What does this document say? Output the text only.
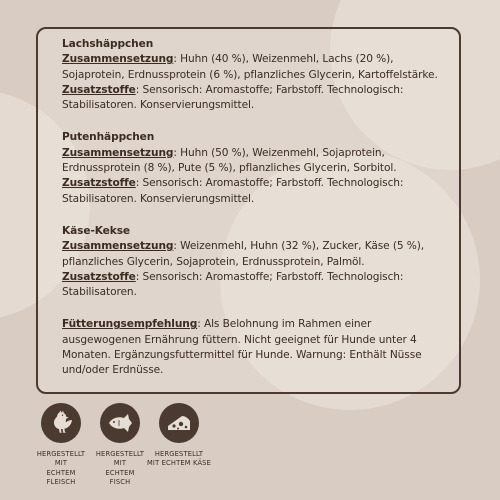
Lachshäppchen
Zusammensetzung: Huhn (40 %), Weizenmehl, Lachs (20 %), Sojaprotein, Erdnussprotein (6 %), pflanzliches Glycerin, Kartoffelstärke.
Zusatzstoffe: Sensorisch: Aromastoffe; Farbstoff. Technologisch: Stabilisatoren. Konservierungsmittel.
Putenhäppchen
Zusammensetzung: Huhn (50 %), Weizenmehl, Sojaprotein, Erdnussprotein (8 %), Pute (5 %), pflanzliches Glycerin, Sorbitol.
Zusatzstoffe: Sensorisch: Aromastoffe; Farbstoff. Technologisch: Stabilisatoren. Konservierungsmittel.
Käse-Kekse
Zusammensetzung: Weizenmehl, Huhn (32 %), Zucker, Käse (5 %), pflanzliches Glycerin, Sojaprotein, Erdnussprotein, Palmöl.
Zusatzstoffe: Sensorisch: Aromastoffe; Farbstoff. Technologisch: Stabilisatoren.
Fütterungsempfehlung: Als Belohnung im Rahmen einer ausgewogenen Ernährung füttern. Nicht geeignet für Hunde unter 4 Monaten. Ergänzungsfuttermittel für Hunde. Warnung: Enthält Nüsse und/oder Erdnüsse.
HERGESTELLT
MIT
ECHTEM
FLEISCH
HERGESTELLT
MIT
ECHTEM
FISCH
HERGESTELLT
MIT ECHTEM KÄSE
